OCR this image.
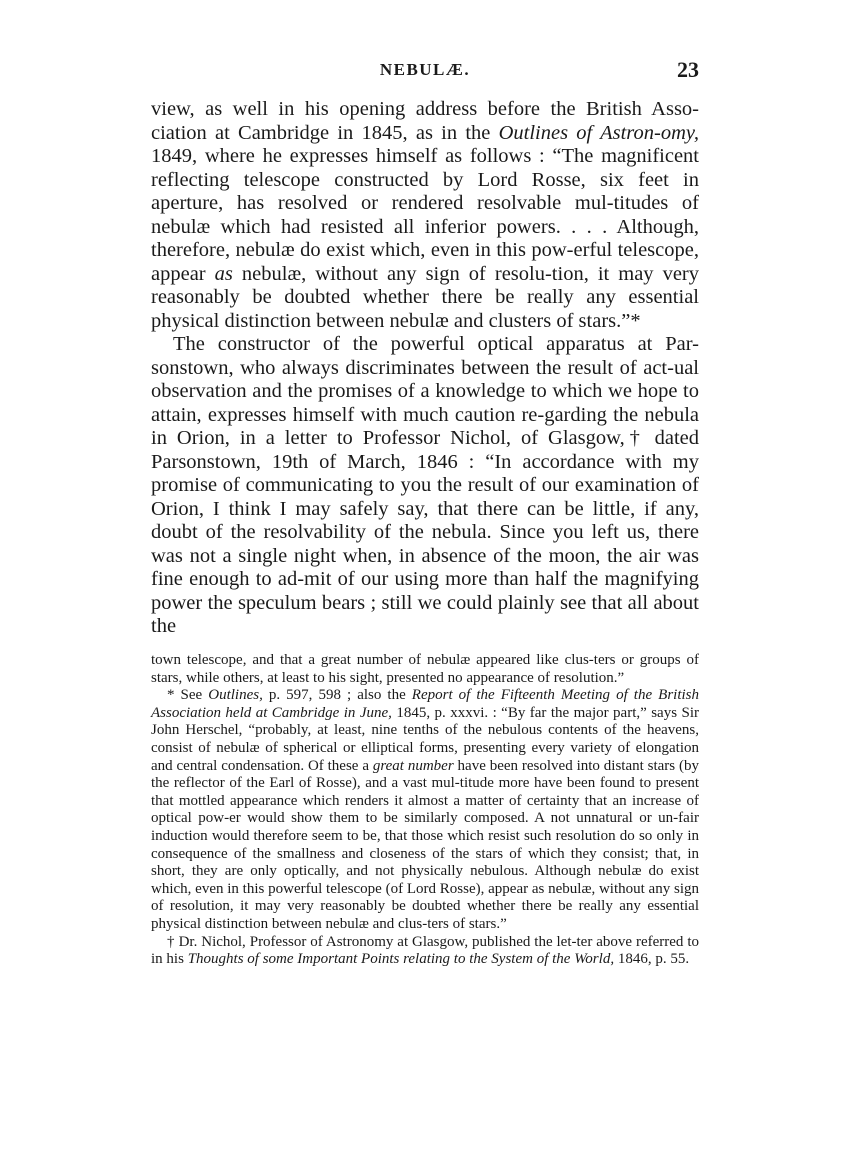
NEBULÆ.	23

view, as well in his opening address before the British Asso-ciation at Cambridge in 1845, as in the Outlines of Astron-omy, 1849, where he expresses himself as follows : “The magnificent reflecting telescope constructed by Lord Rosse, six feet in aperture, has resolved or rendered resolvable mul-titudes of nebulæ which had resisted all inferior powers. . . . Although, therefore, nebulæ do exist which, even in this pow-erful telescope, appear as nebulæ, without any sign of resolu-tion, it may very reasonably be doubted whether there be really any essential physical distinction between nebulæ and clusters of stars.”*

The constructor of the powerful optical apparatus at Par-sonstown, who always discriminates between the result of act-ual observation and the promises of a knowledge to which we hope to attain, expresses himself with much caution re-garding the nebula in Orion, in a letter to Professor Nichol, of Glasgow,† dated Parsonstown, 19th of March, 1846 : “In accordance with my promise of communicating to you the result of our examination of Orion, I think I may safely say, that there can be little, if any, doubt of the resolvability of the nebula. Since you left us, there was not a single night when, in absence of the moon, the air was fine enough to ad-mit of our using more than half the magnifying power the speculum bears ; still we could plainly see that all about the

town telescope, and that a great number of nebulæ appeared like clus-ters or groups of stars, while others, at least to his sight, presented no appearance of resolution.”

* See Outlines, p. 597, 598 ; also the Report of the Fifteenth Meeting of the British Association held at Cambridge in June, 1845, p. xxxvi. : “By far the major part,” says Sir John Herschel, “probably, at least, nine tenths of the nebulous contents of the heavens, consist of nebulæ of spherical or elliptical forms, presenting every variety of elongation and central condensation. Of these a great number have been resolved into distant stars (by the reflector of the Earl of Rosse), and a vast mul-titude more have been found to present that mottled appearance which renders it almost a matter of certainty that an increase of optical pow-er would show them to be similarly composed. A not unnatural or un-fair induction would therefore seem to be, that those which resist such resolution do so only in consequence of the smallness and closeness of the stars of which they consist; that, in short, they are only optically, and not physically nebulous. Although nebulæ do exist which, even in this powerful telescope (of Lord Rosse), appear as nebulæ, without any sign of resolution, it may very reasonably be doubted whether there be really any essential physical distinction between nebulæ and clus-ters of stars.”

† Dr. Nichol, Professor of Astronomy at Glasgow, published the let-ter above referred to in his Thoughts of some Important Points relating to the System of the World, 1846, p. 55.
